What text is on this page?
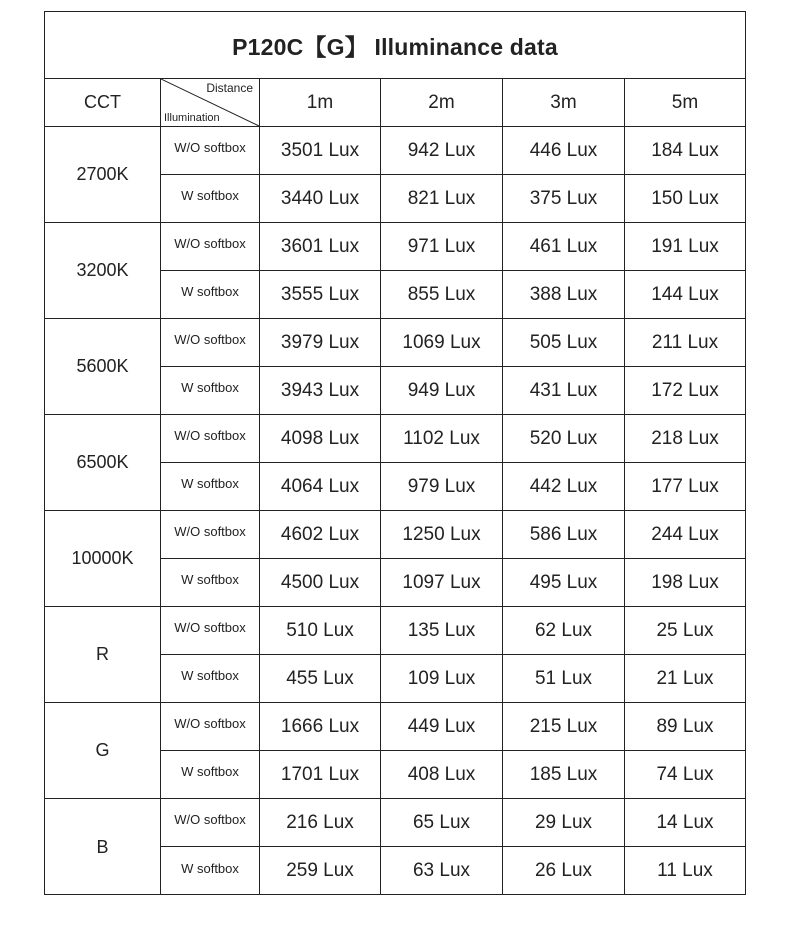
P120C【G】 Illuminance data
CCT
Distance
Illumination
1m	2m	3m	5m
2700K
W/O softbox	3501 Lux	942 Lux	446 Lux	184 Lux
W softbox	3440 Lux	821 Lux	375 Lux	150 Lux
3200K
W/O softbox	3601 Lux	971 Lux	461 Lux	191 Lux
W softbox	3555 Lux	855 Lux	388 Lux	144 Lux
5600K
W/O softbox	3979 Lux	1069 Lux	505 Lux	211 Lux
W softbox	3943 Lux	949 Lux	431 Lux	172 Lux
6500K
W/O softbox	4098 Lux	1102 Lux	520 Lux	218 Lux
W softbox	4064 Lux	979 Lux	442 Lux	177 Lux
10000K
W/O softbox	4602 Lux	1250 Lux	586 Lux	244 Lux
W softbox	4500 Lux	1097 Lux	495 Lux	198 Lux
R
W/O softbox	510 Lux	135 Lux	62 Lux	25 Lux
W softbox	455 Lux	109 Lux	51 Lux	21 Lux
G
W/O softbox	1666 Lux	449 Lux	215 Lux	89 Lux
W softbox	1701 Lux	408 Lux	185 Lux	74 Lux
B
W/O softbox	216 Lux	65 Lux	29 Lux	14 Lux
W softbox	259 Lux	63 Lux	26 Lux	11 Lux
